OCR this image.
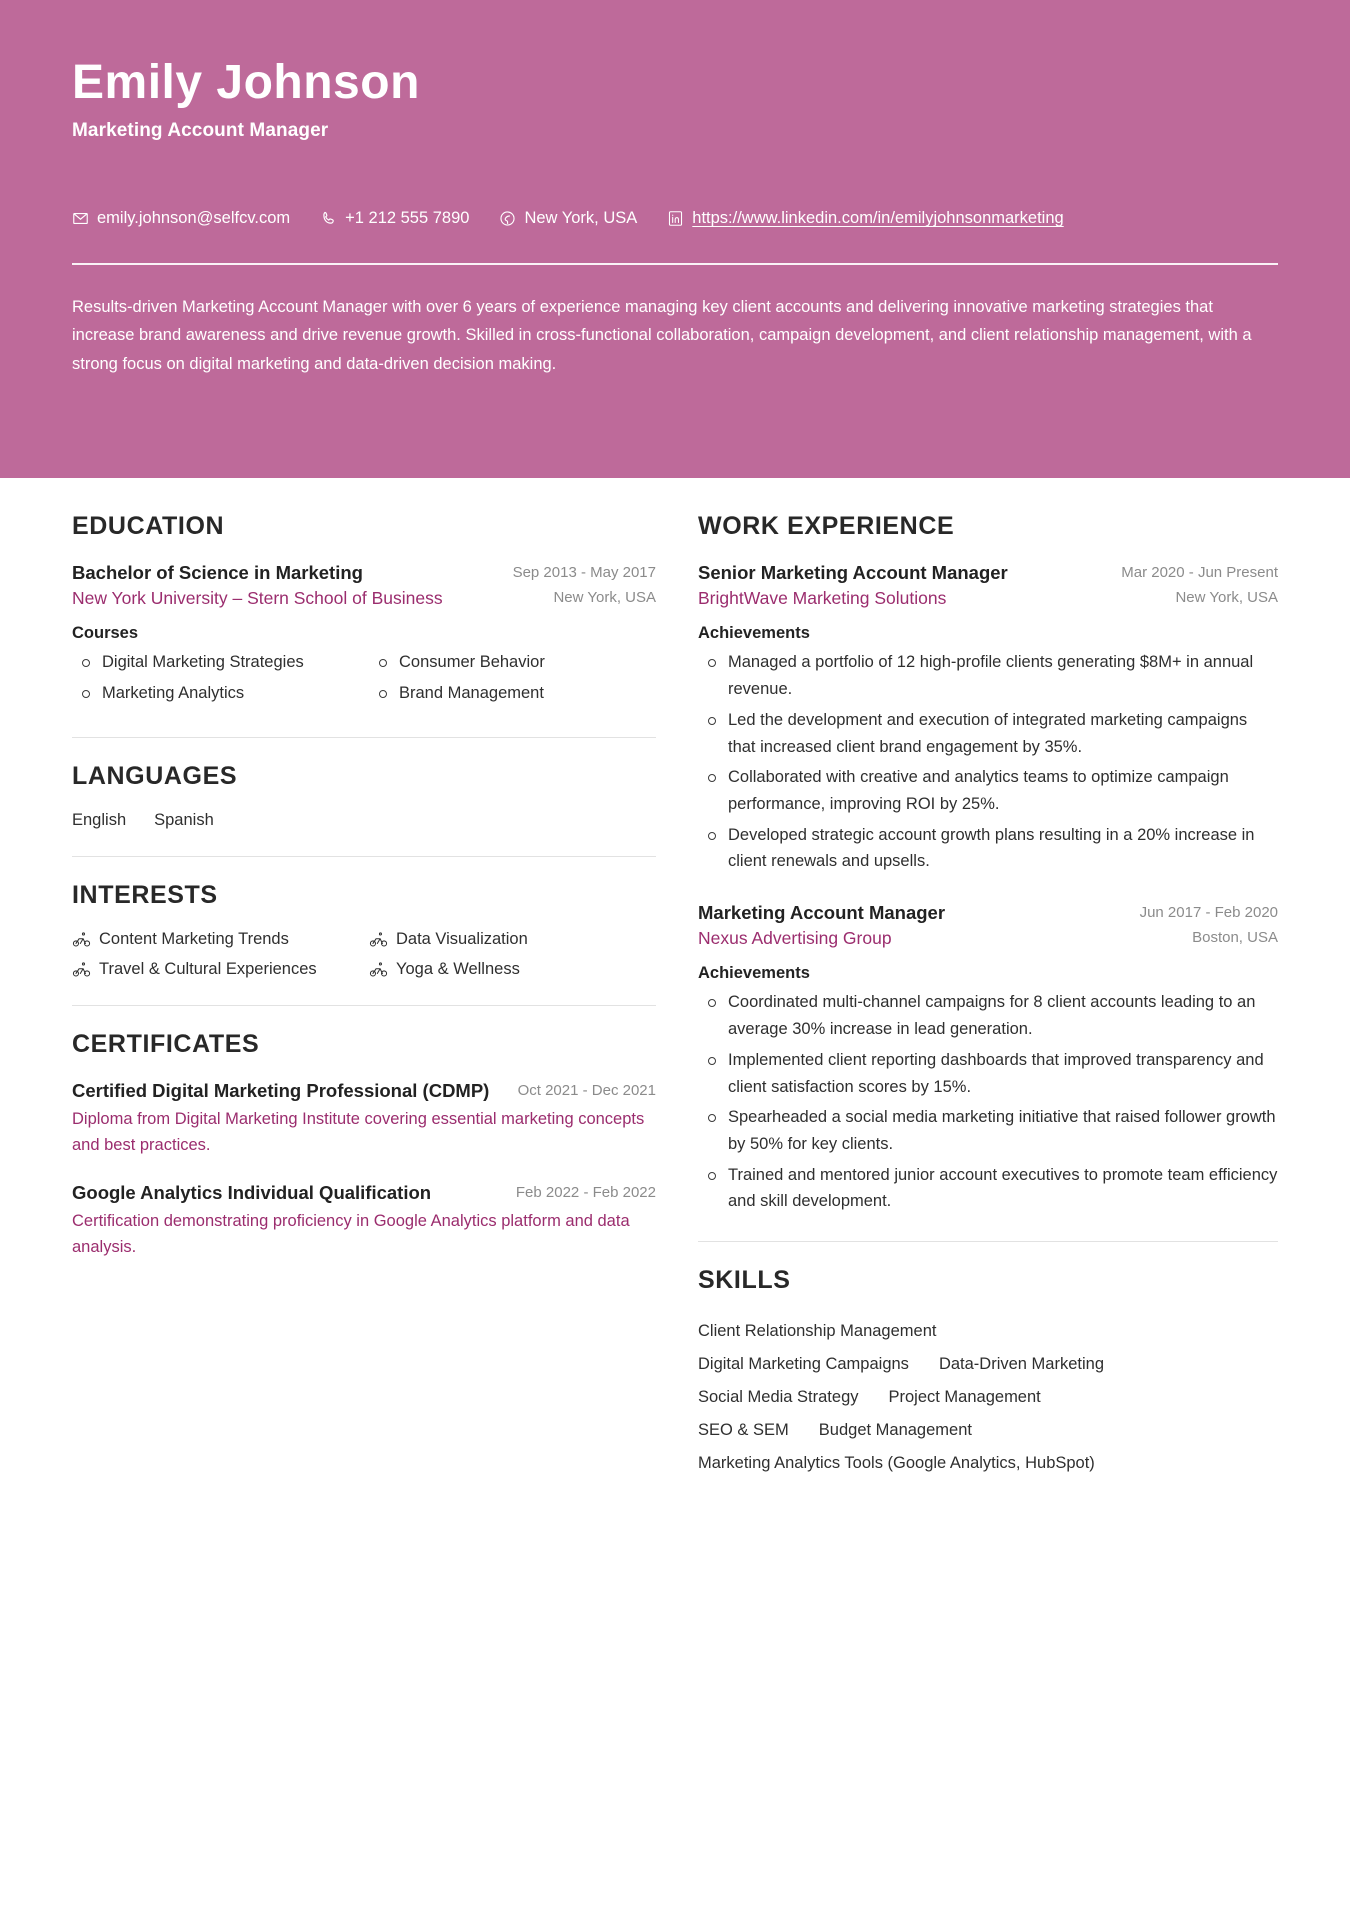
Emily Johnson
Marketing Account Manager
emily.johnson@selfcv.com	+1 212 555 7890	New York, USA	https://www.linkedin.com/in/emilyjohnsonmarketing
Results-driven Marketing Account Manager with over 6 years of experience managing key client accounts and delivering innovative marketing strategies that increase brand awareness and drive revenue growth. Skilled in cross-functional collaboration, campaign development, and client relationship management, with a strong focus on digital marketing and data-driven decision making.
EDUCATION
Bachelor of Science in Marketing	Sep 2013 - May 2017
New York University – Stern School of Business	New York, USA
Courses
Digital Marketing Strategies	Consumer Behavior
Marketing Analytics	Brand Management
LANGUAGES
English Spanish
INTERESTS
Content Marketing Trends	Data Visualization
Travel & Cultural Experiences	Yoga & Wellness
CERTIFICATES
Certified Digital Marketing Professional (CDMP)	Oct 2021 - Dec 2021
Diploma from Digital Marketing Institute covering essential marketing concepts and best practices.
Google Analytics Individual Qualification	Feb 2022 - Feb 2022
Certification demonstrating proficiency in Google Analytics platform and data analysis.
WORK EXPERIENCE
Senior Marketing Account Manager	Mar 2020 - Jun Present
BrightWave Marketing Solutions	New York, USA
Achievements
Managed a portfolio of 12 high-profile clients generating $8M+ in annual revenue.
Led the development and execution of integrated marketing campaigns that increased client brand engagement by 35%.
Collaborated with creative and analytics teams to optimize campaign performance, improving ROI by 25%.
Developed strategic account growth plans resulting in a 20% increase in client renewals and upsells.
Marketing Account Manager	Jun 2017 - Feb 2020
Nexus Advertising Group	Boston, USA
Achievements
Coordinated multi-channel campaigns for 8 client accounts leading to an average 30% increase in lead generation.
Implemented client reporting dashboards that improved transparency and client satisfaction scores by 15%.
Spearheaded a social media marketing initiative that raised follower growth by 50% for key clients.
Trained and mentored junior account executives to promote team efficiency and skill development.
SKILLS
Client Relationship Management
Digital Marketing Campaigns Data-Driven Marketing
Social Media Strategy Project Management
SEO & SEM Budget Management
Marketing Analytics Tools (Google Analytics, HubSpot)
